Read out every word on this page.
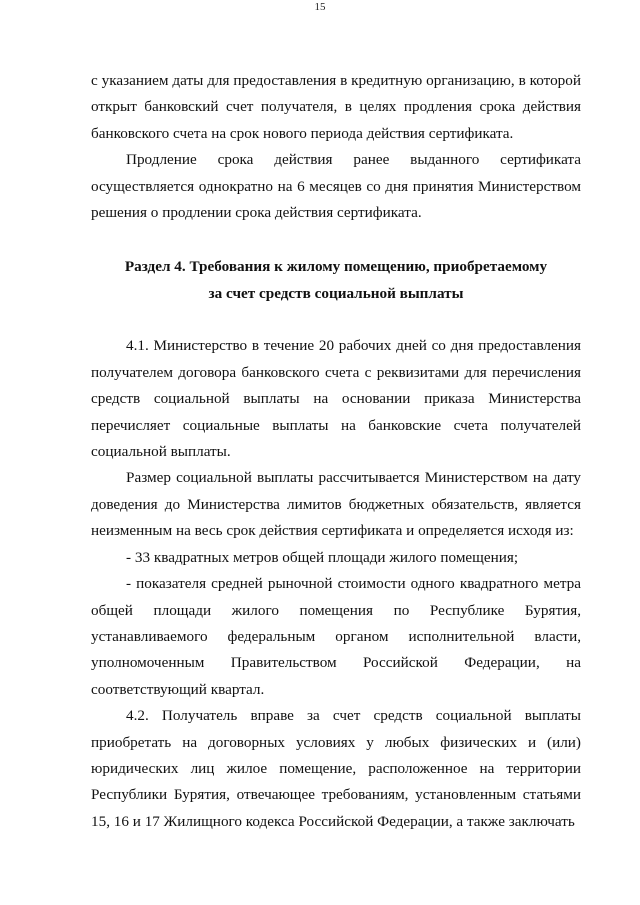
15

с указанием даты для предоставления в кредитную организацию, в которой открыт банковский счет получателя, в целях продления срока действия банковского счета на срок нового периода действия сертификата.

Продление срока действия ранее выданного сертификата осуществляется однократно на 6 месяцев со дня принятия Министерством решения о продлении срока действия сертификата.

Раздел 4. Требования к жилому помещению, приобретаемому

за счет средств социальной выплаты

4.1. Министерство в течение 20 рабочих дней со дня предоставления получателем договора банковского счета с реквизитами для перечисления средств социальной выплаты на основании приказа Министерства перечисляет социальные выплаты на банковские счета получателей социальной выплаты.

Размер социальной выплаты рассчитывается Министерством на дату доведения до Министерства лимитов бюджетных обязательств, является неизменным на весь срок действия сертификата и определяется исходя из:

- 33 квадратных метров общей площади жилого помещения;

- показателя средней рыночной стоимости одного квадратного метра общей площади жилого помещения по Республике Бурятия, устанавливаемого федеральным органом исполнительной власти, уполномоченным Правительством Российской Федерации, на соответствующий квартал.

4.2. Получатель вправе за счет средств социальной выплаты приобретать на договорных условиях у любых физических и (или) юридических лиц жилое помещение, расположенное на территории Республики Бурятия, отвечающее требованиям, установленным статьями 15, 16 и 17 Жилищного кодекса Российской Федерации, а также заключать
